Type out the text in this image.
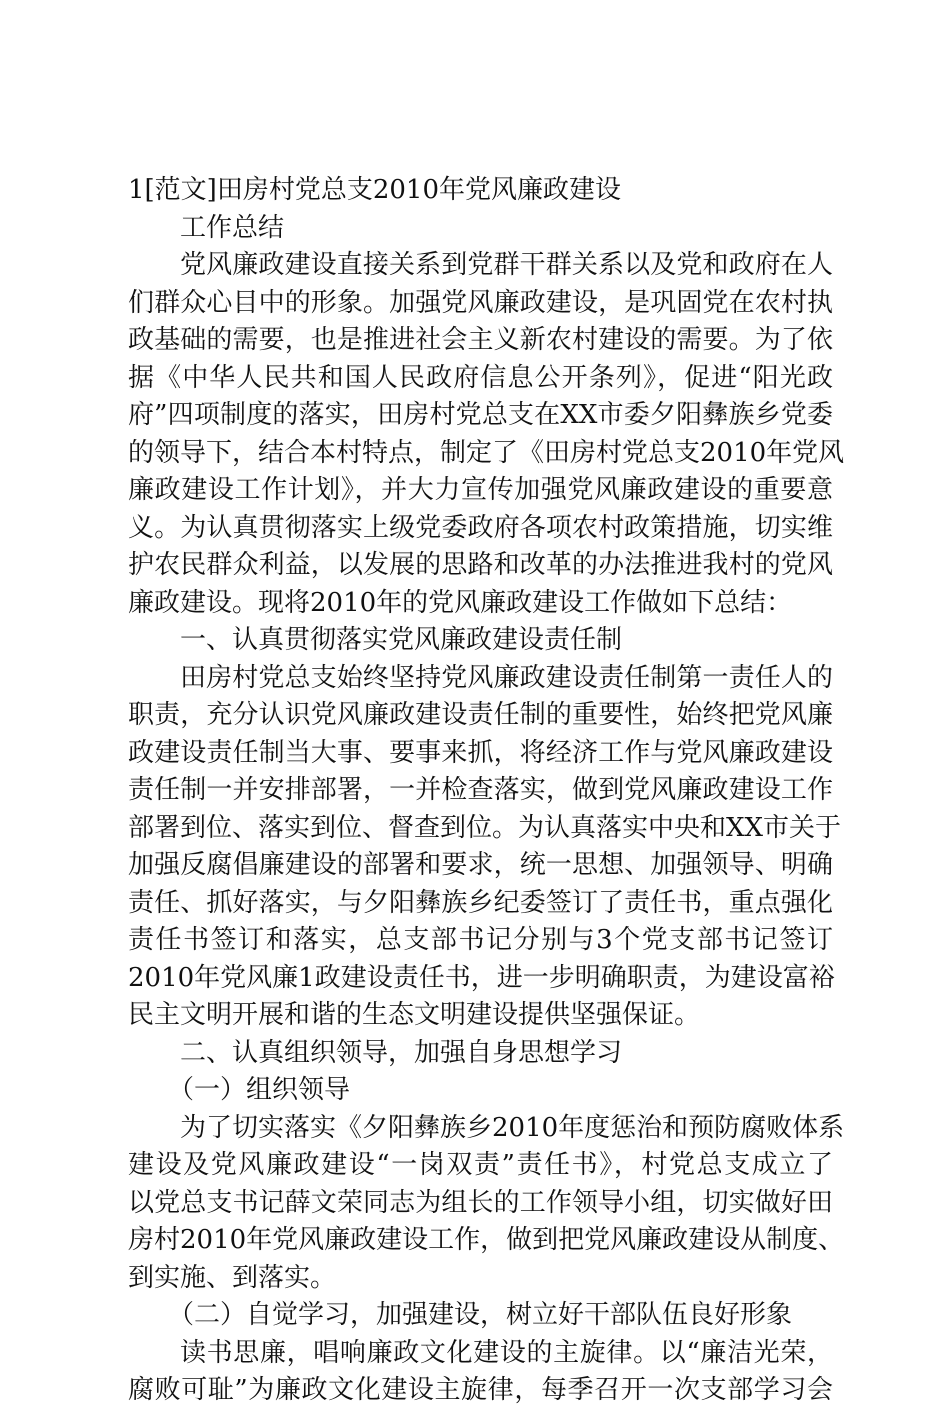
1[范文]田房村党总支2010年党风廉政建设
工作总结
党风廉政建设直接关系到党群干群关系以及党和政府在人
们群众心目中的形象。加强党风廉政建设，是巩固党在农村执
政基础的需要，也是推进社会主义新农村建设的需要。为了依
据《中华人民共和国人民政府信息公开条列》，促进“阳光政
府”四项制度的落实，田房村党总支在XX市委夕阳彝族乡党委
的领导下，结合本村特点，制定了《田房村党总支2010年党风
廉政建设工作计划》，并大力宣传加强党风廉政建设的重要意
义。为认真贯彻落实上级党委政府各项农村政策措施，切实维
护农民群众利益，以发展的思路和改革的办法推进我村的党风
廉政建设。现将2010年的党风廉政建设工作做如下总结：
一、认真贯彻落实党风廉政建设责任制
田房村党总支始终坚持党风廉政建设责任制第一责任人的
职责，充分认识党风廉政建设责任制的重要性，始终把党风廉
政建设责任制当大事、要事来抓，将经济工作与党风廉政建设
责任制一并安排部署，一并检查落实，做到党风廉政建设工作
部署到位、落实到位、督查到位。为认真落实中央和XX市关于
加强反腐倡廉建设的部署和要求，统一思想、加强领导、明确
责任、抓好落实，与夕阳彝族乡纪委签订了责任书，重点强化
责任书签订和落实，总支部书记分别与3个党支部书记签订
2010年党风廉1政建设责任书，进一步明确职责，为建设富裕
民主文明开展和谐的生态文明建设提供坚强保证。
二、认真组织领导，加强自身思想学习
（一）组织领导
为了切实落实《夕阳彝族乡2010年度惩治和预防腐败体系
建设及党风廉政建设“一岗双责”责任书》，村党总支成立了
以党总支书记薛文荣同志为组长的工作领导小组，切实做好田
房村2010年党风廉政建设工作，做到把党风廉政建设从制度、
到实施、到落实。
（二）自觉学习，加强建设，树立好干部队伍良好形象
读书思廉，唱响廉政文化建设的主旋律。以“廉洁光荣，
腐败可耻”为廉政文化建设主旋律，每季召开一次支部学习会
